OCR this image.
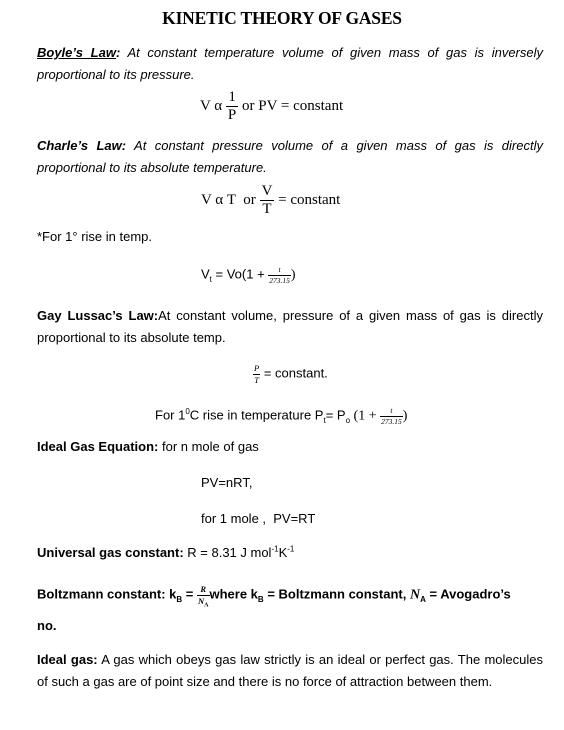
KINETIC THEORY OF GASES
Boyle’s Law: At constant temperature volume of given mass of gas is inversely proportional to its pressure.
V α $\frac{1}{P}$ or PV = constant
Charle’s Law: At constant pressure volume of a given mass of gas is directly proportional to its absolute temperature.
V α T  or $\frac{V}{T}$ = constant
*For 1° rise in temp.
$V_t = Vo(1 + \frac{t}{273.15}$ )
Gay Lussac’s Law:At constant volume, pressure of a given mass of gas is directly proportional to its absolute temp.
$\frac{P}{T}$ = constant.
For $1^0C$ rise in temperature $P_t= P_o$ ($1 + \frac{t}{273.15}$ )
Ideal Gas Equation: for n mole of gas
PV=nRT,
for 1 mole ,  PV=RT
Universal gas constant: R = 8.31 J $mol^{-1}K^{-1}$
Boltzmann constant: $k_B = \frac{R}{N_A}$ where $k_B$ = Boltzmann constant, $N_A$ = Avogadro’s
no.
Ideal gas: A gas which obeys gas law strictly is an ideal or perfect gas. The molecules of such a gas are of point size and there is no force of attraction between them.
